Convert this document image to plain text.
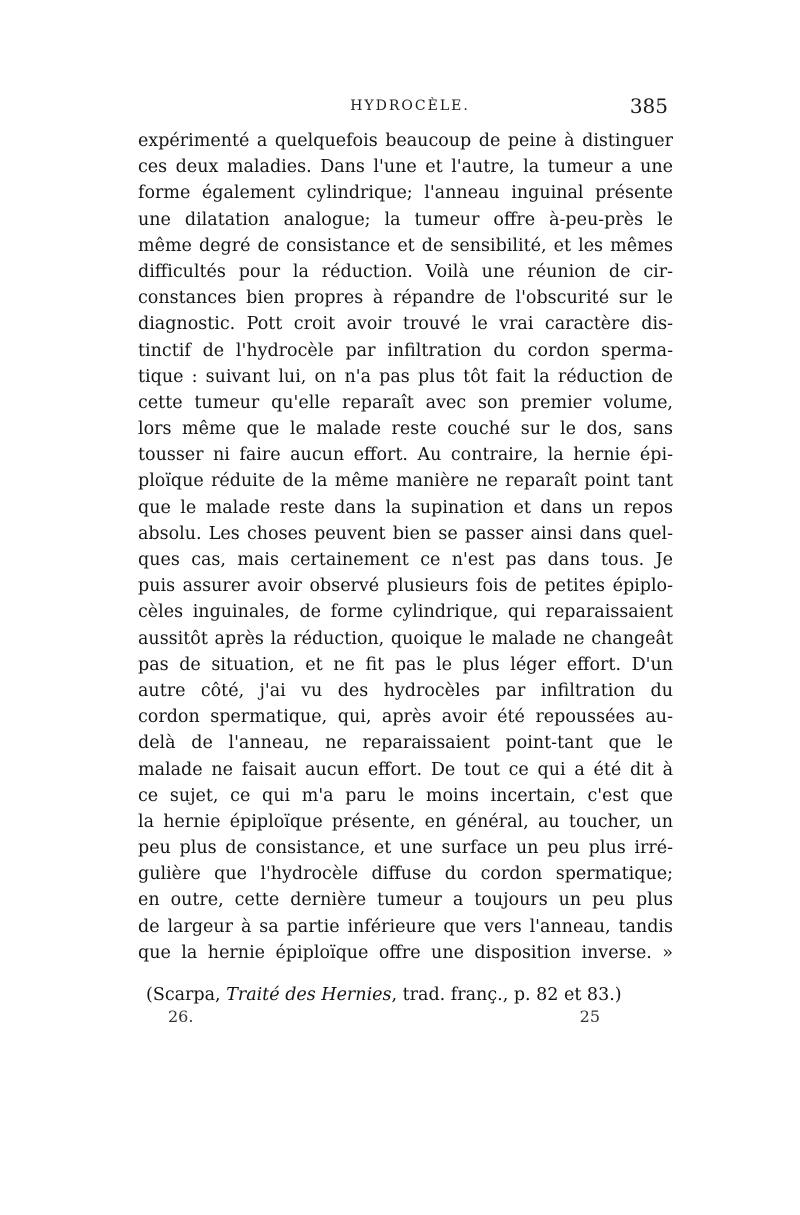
HYDROCÈLE.	385
expérimenté a quelquefois beaucoup de peine à distinguer
ces deux maladies. Dans l'une et l'autre, la tumeur a une
forme également cylindrique; l'anneau inguinal présente
une dilatation analogue; la tumeur offre à-peu-près le
même degré de consistance et de sensibilité, et les mêmes
difficultés pour la réduction. Voilà une réunion de cir-
constances bien propres à répandre de l'obscurité sur le
diagnostic. Pott croit avoir trouvé le vrai caractère dis-
tinctif de l'hydrocèle par infiltration du cordon sperma-
tique : suivant lui, on n'a pas plus tôt fait la réduction de
cette tumeur qu'elle reparaît avec son premier volume,
lors même que le malade reste couché sur le dos, sans
tousser ni faire aucun effort. Au contraire, la hernie épi-
ploïque réduite de la même manière ne reparaît point tant
que le malade reste dans la supination et dans un repos
absolu. Les choses peuvent bien se passer ainsi dans quel-
ques cas, mais certainement ce n'est pas dans tous. Je
puis assurer avoir observé plusieurs fois de petites épiplo-
cèles inguinales, de forme cylindrique, qui reparaissaient
aussitôt après la réduction, quoique le malade ne changeât
pas de situation, et ne fit pas le plus léger effort. D'un
autre côté, j'ai vu des hydrocèles par infiltration du
cordon spermatique, qui, après avoir été repoussées au-
delà de l'anneau, ne reparaissaient point-tant que le
malade ne faisait aucun effort. De tout ce qui a été dit à
ce sujet, ce qui m'a paru le moins incertain, c'est que
la hernie épiploïque présente, en général, au toucher, un
peu plus de consistance, et une surface un peu plus irré-
gulière que l'hydrocèle diffuse du cordon spermatique;
en outre, cette dernière tumeur a toujours un peu plus
de largeur à sa partie inférieure que vers l'anneau, tandis
que la hernie épiploïque offre une disposition inverse. »
(Scarpa, Traité des Hernies, trad. franç., p. 82 et 83.)
26.	25
